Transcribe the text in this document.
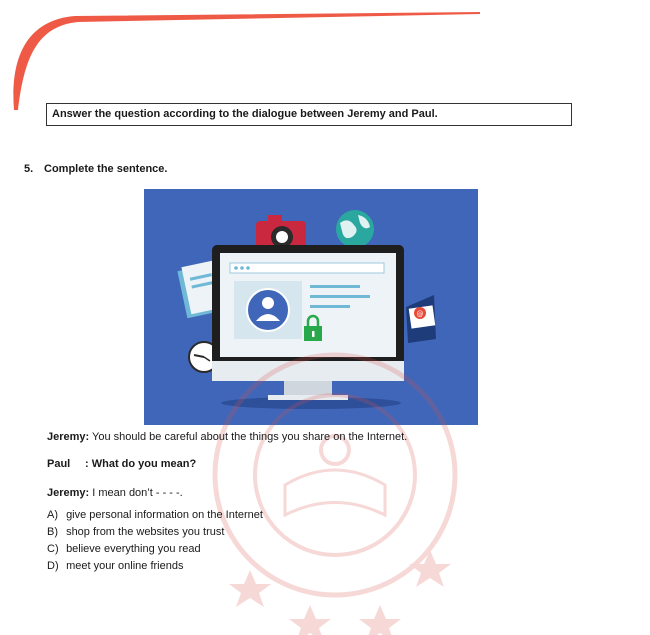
Answer the question according to the dialogue between Jeremy and Paul.
5. Complete the sentence.
@
Jeremy: You should be careful about the things you share on the Internet.
Paul : What do you mean?
Jeremy: I mean don’t - - - -.
A) give personal information on the Internet
B) shop from the websites you trust
C) believe everything you read
D) meet your online friends
